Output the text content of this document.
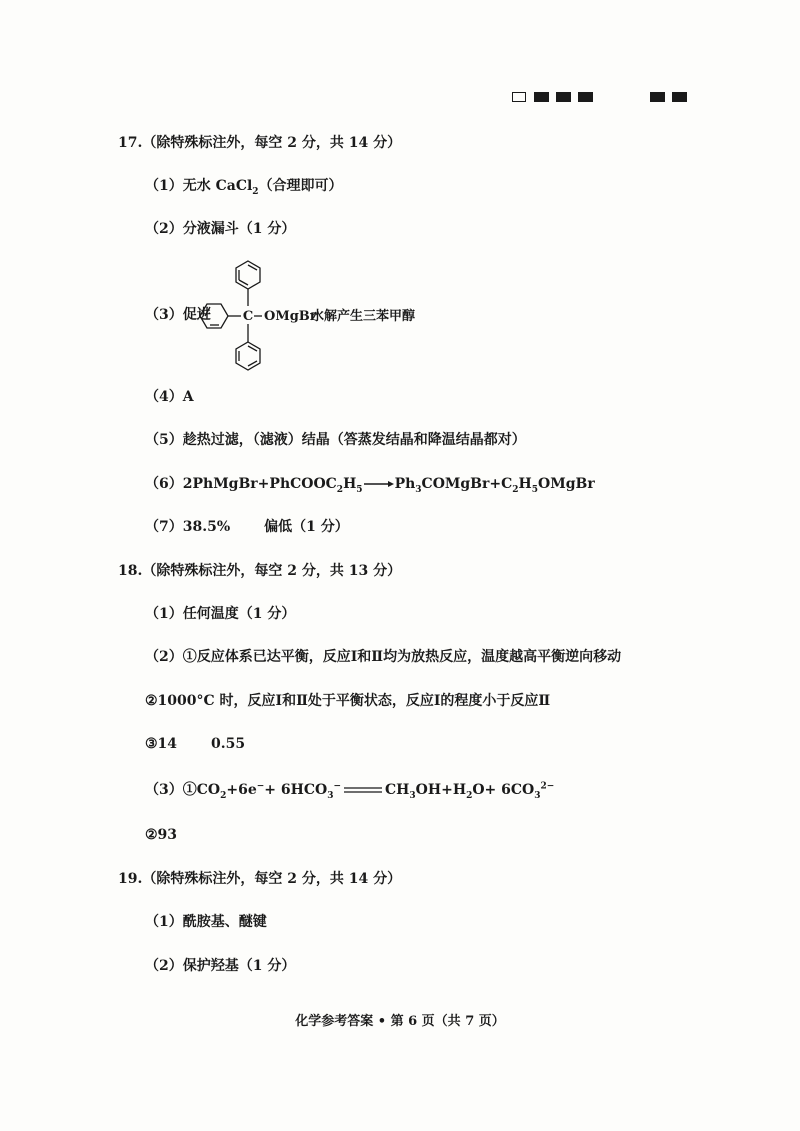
17.（除特殊标注外，每空 2 分，共 14 分）
（1）无水 CaCl$_2$（合理即可）
（2）分液漏斗（1 分）
（3）促进 C OMgBr
水解产生三苯甲醇
（4）A
（5）趁热过滤，（滤液）结晶（答蒸发结晶和降温结晶都对）
$(6)2PhMgBr+PhCOOC_2H_5$ $\to Ph_3COMgBr+C_2H_5OMgBr$
（7）38.5% 偏低（1 分）
18.（除特殊标注外，每空 2 分，共 13 分）
（1）任何温度（1 分）
（2）①反应体系已达平衡，反应Ⅰ和Ⅱ均为放热反应，温度越高平衡逆向移动
②1000°C 时，反应Ⅰ和Ⅱ处于平衡状态，反应Ⅰ的程度小于反应Ⅱ
③14 0.55
$(3)①CO_2+6e^-+ 6HCO_3^-$	$CH_3OH+H_2O+ 6CO_3^{2-}$
②93
19.（除特殊标注外，每空 2 分，共 14 分）
（1）酰胺基、醚键
（2）保护羟基（1 分）
化学参考答案 • 第 6 页（共 7 页）
